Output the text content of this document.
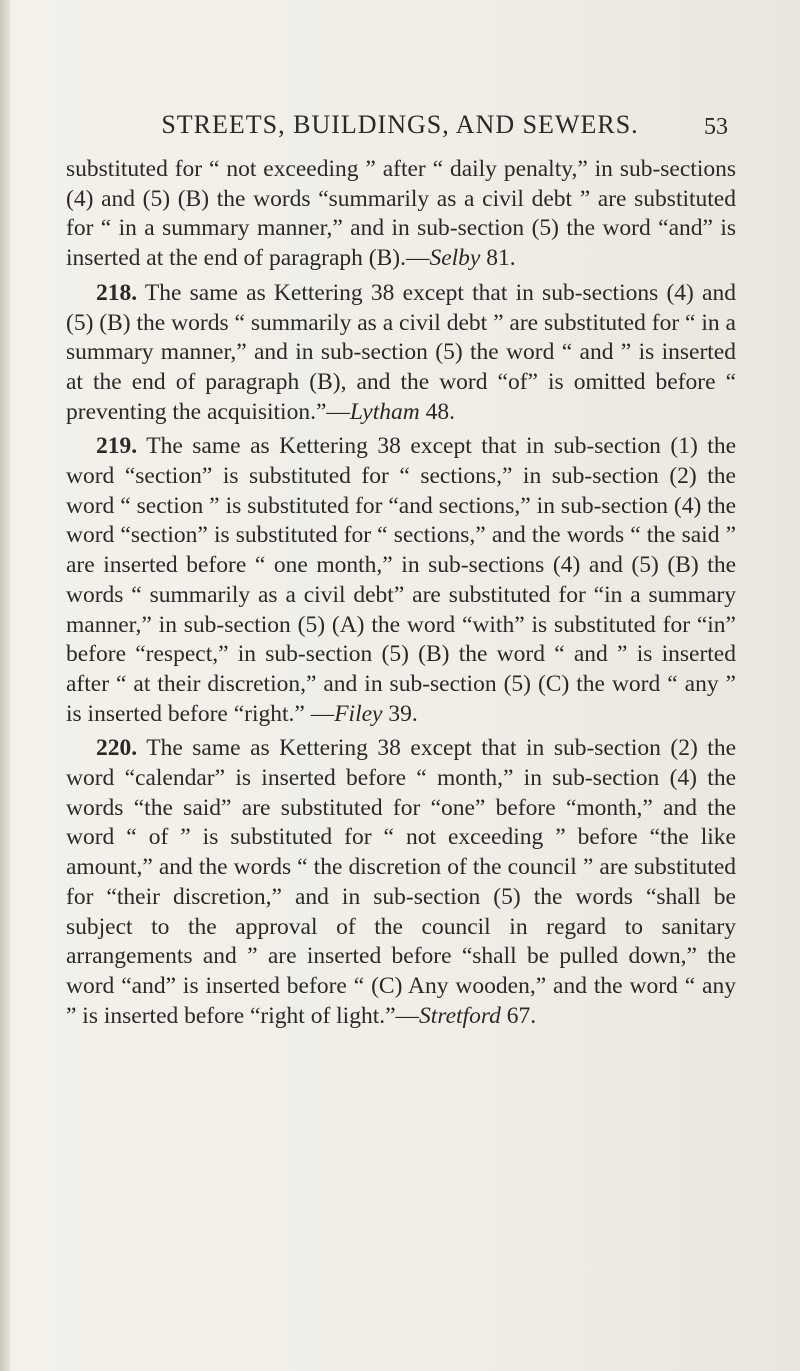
STREETS, BUILDINGS, AND SEWERS.	53

substituted for “ not exceeding ” after “ daily penalty,” in sub-sections (4) and (5) (B) the words “summarily as a civil debt ” are substituted for “ in a summary manner,” and in sub-section (5) the word “and” is inserted at the end of paragraph (B).—Selby 81.

218. The same as Kettering 38 except that in sub-sections (4) and (5) (B) the words “ summarily as a civil debt ” are substituted for “ in a summary manner,” and in sub-section (5) the word “ and ” is inserted at the end of paragraph (B), and the word “of” is omitted before “ preventing the acquisition.”—Lytham 48.

219. The same as Kettering 38 except that in sub-section (1) the word “section” is substituted for “ sections,” in sub-section (2) the word “ section ” is substituted for “and sections,” in sub-section (4) the word “section” is substituted for “ sections,” and the words “ the said ” are inserted before “ one month,” in sub-sections (4) and (5) (B) the words “ summarily as a civil debt” are substituted for “in a summary manner,” in sub-section (5) (A) the word “with” is substituted for “in” before “respect,” in sub-section (5) (B) the word “ and ” is inserted after “ at their discretion,” and in sub-section (5) (C) the word “ any ” is inserted before “right.” —Filey 39.

220. The same as Kettering 38 except that in sub-section (2) the word “calendar” is inserted before “ month,” in sub-section (4) the words “the said” are substituted for “one” before “month,” and the word “ of ” is substituted for “ not exceeding ” before “the like amount,” and the words “ the discretion of the council ” are substituted for “their discretion,” and in sub-section (5) the words “shall be subject to the approval of the council in regard to sanitary arrangements and ” are inserted before “shall be pulled down,” the word “and” is inserted before “ (C) Any wooden,” and the word “ any ” is inserted before “right of light.”—Stretford 67.
